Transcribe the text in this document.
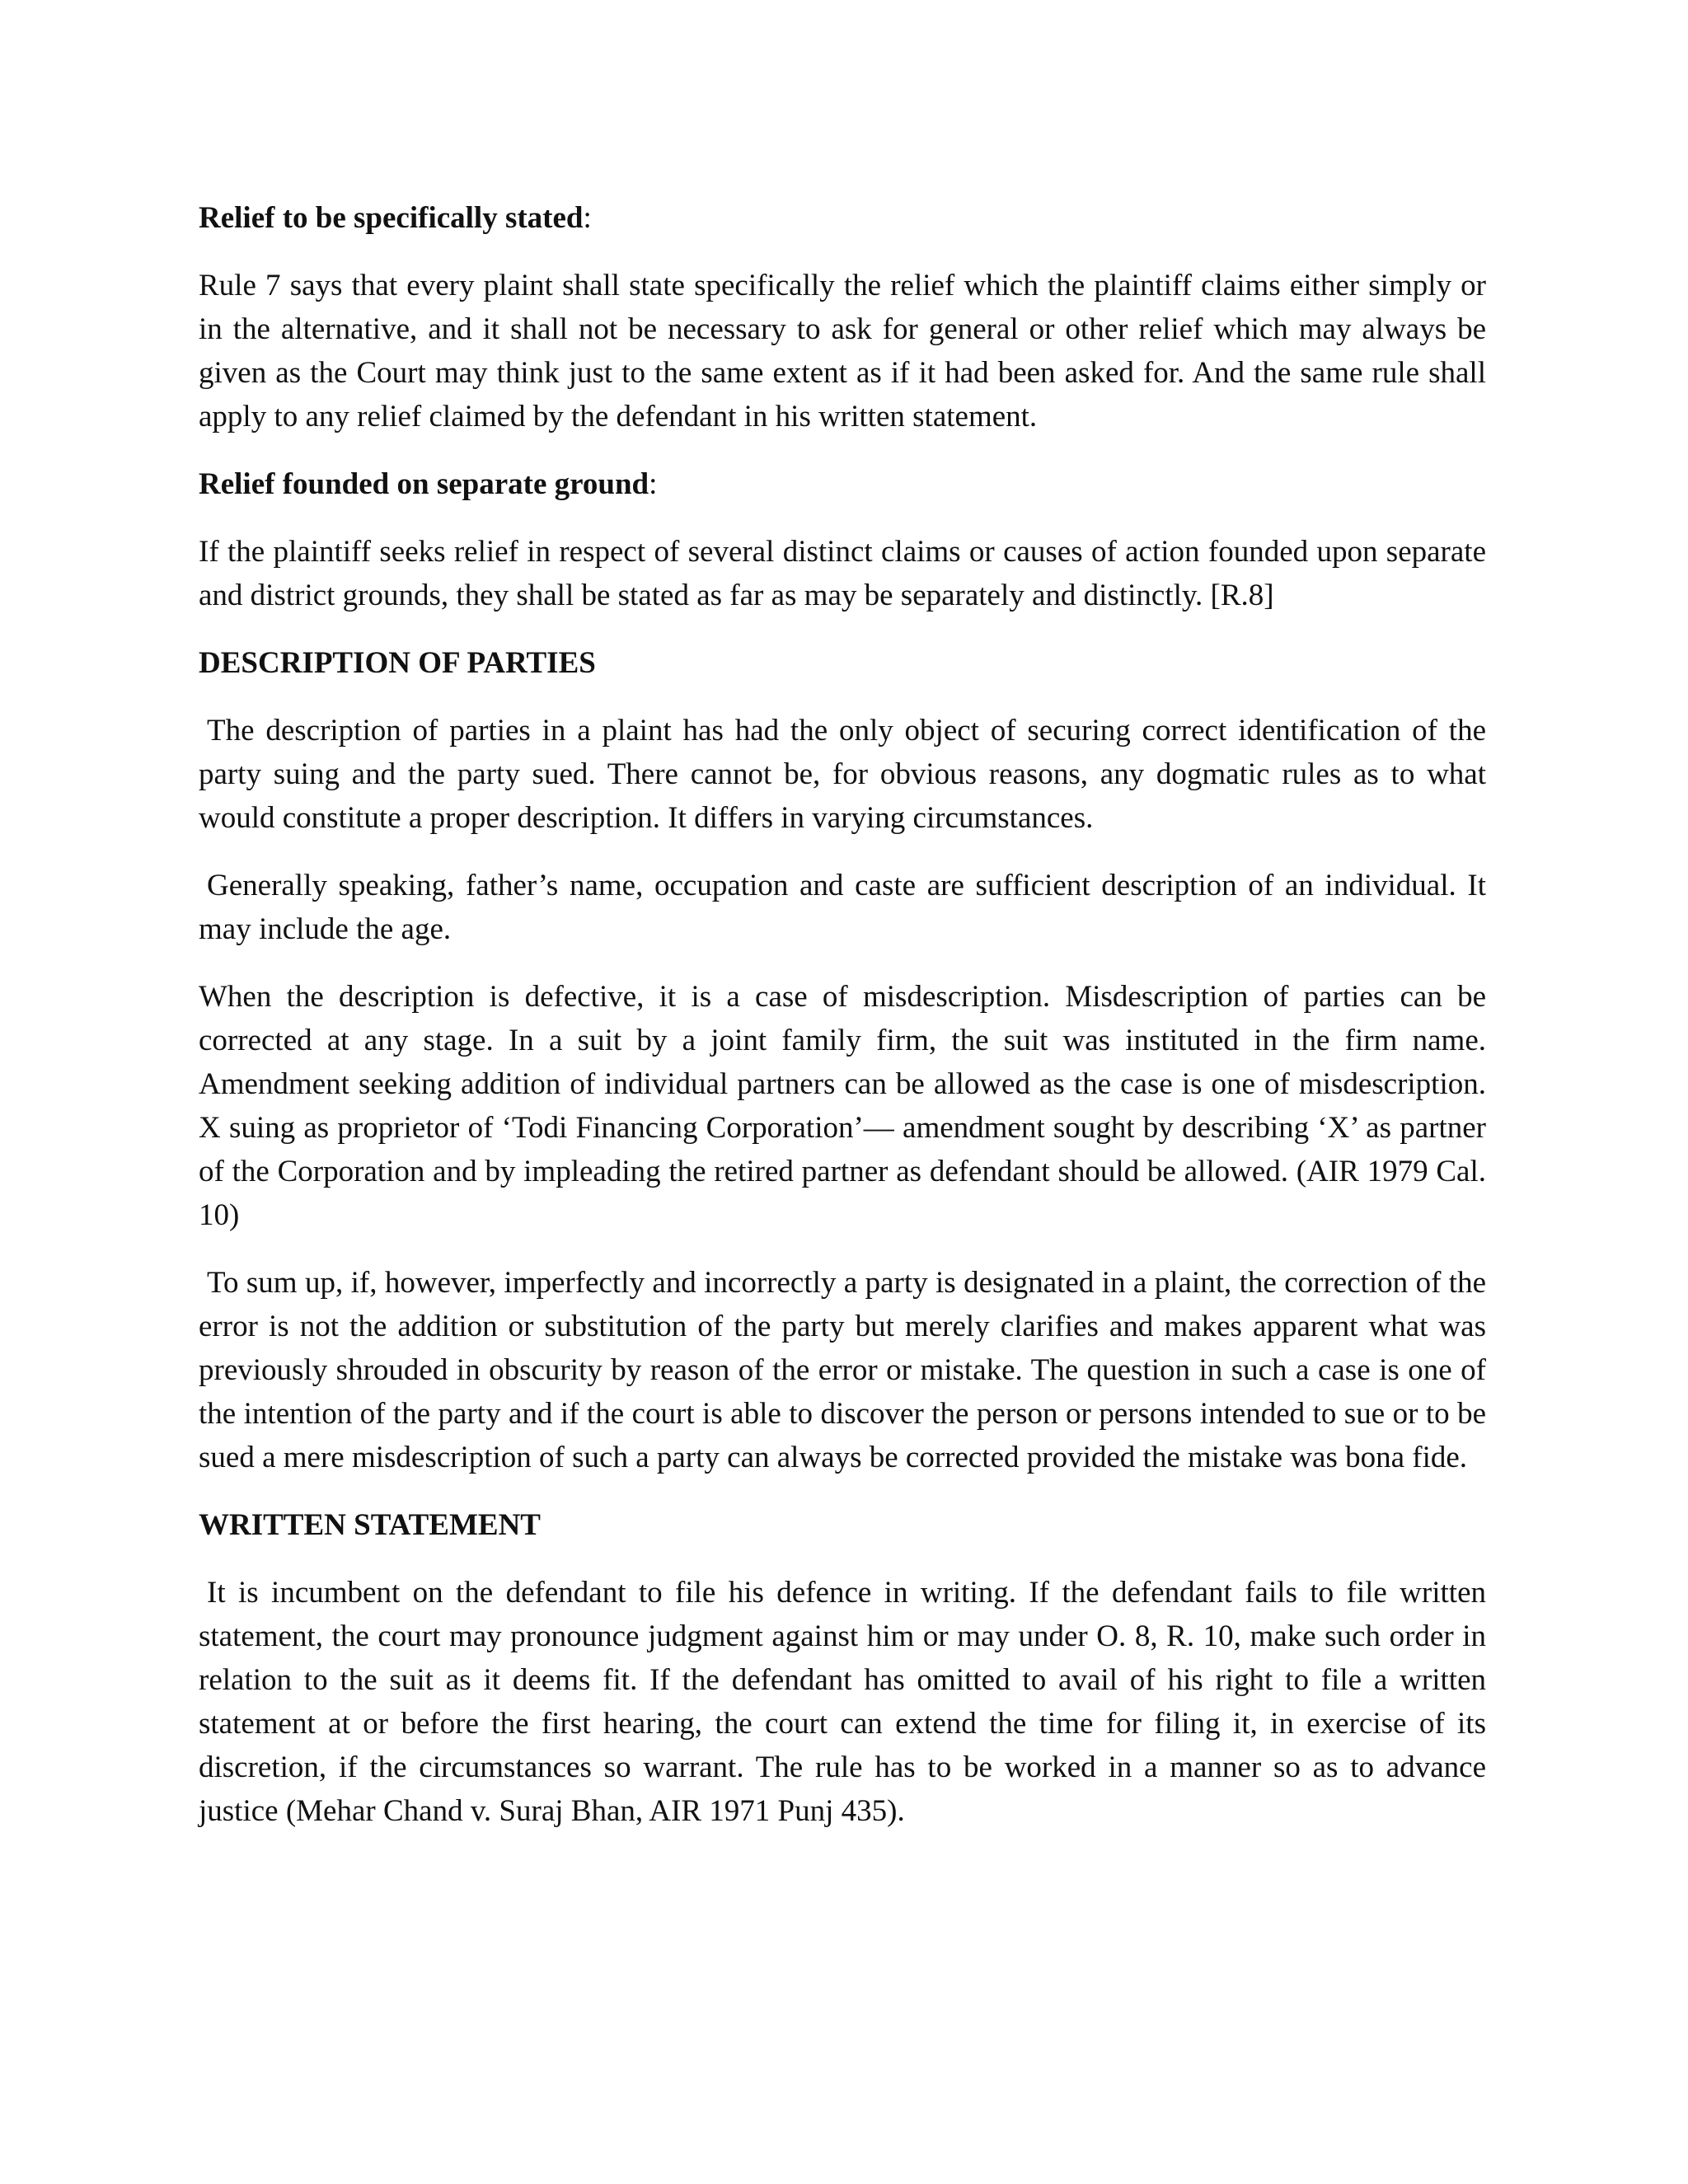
Relief to be specifically stated:
Rule 7 says that every plaint shall state specifically the relief which the plaintiff claims either simply or in the alternative, and it shall not be necessary to ask for general or other relief which may always be given as the Court may think just to the same extent as if it had been asked for. And the same rule shall apply to any relief claimed by the defendant in his written statement.
Relief founded on separate ground:
If the plaintiff seeks relief in respect of several distinct claims or causes of action founded upon separate and district grounds, they shall be stated as far as may be separately and distinctly. [R.8]
DESCRIPTION OF PARTIES
The description of parties in a plaint has had the only object of securing correct identification of the party suing and the party sued. There cannot be, for obvious reasons, any dogmatic rules as to what would constitute a proper description. It differs in varying circumstances.
Generally speaking, father’s name, occupation and caste are sufficient description of an individual. It may include the age.
When the description is defective, it is a case of misdescription. Misdescription of parties can be corrected at any stage. In a suit by a joint family firm, the suit was instituted in the firm name. Amendment seeking addition of individual partners can be allowed as the case is one of misdescription. X suing as proprietor of ‘Todi Financing Corporation’— amendment sought by describing ‘X’ as partner of the Corporation and by impleading the retired partner as defendant should be allowed. (AIR 1979 Cal. 10)
To sum up, if, however, imperfectly and incorrectly a party is designated in a plaint, the correction of the error is not the addition or substitution of the party but merely clarifies and makes apparent what was previously shrouded in obscurity by reason of the error or mistake. The question in such a case is one of the intention of the party and if the court is able to discover the person or persons intended to sue or to be sued a mere misdescription of such a party can always be corrected provided the mistake was bona fide.
WRITTEN STATEMENT
It is incumbent on the defendant to file his defence in writing. If the defendant fails to file written statement, the court may pronounce judgment against him or may under O. 8, R. 10, make such order in relation to the suit as it deems fit. If the defendant has omitted to avail of his right to file a written statement at or before the first hearing, the court can extend the time for filing it, in exercise of its discretion, if the circumstances so warrant. The rule has to be worked in a manner so as to advance justice (Mehar Chand v. Suraj Bhan, AIR 1971 Punj 435).
